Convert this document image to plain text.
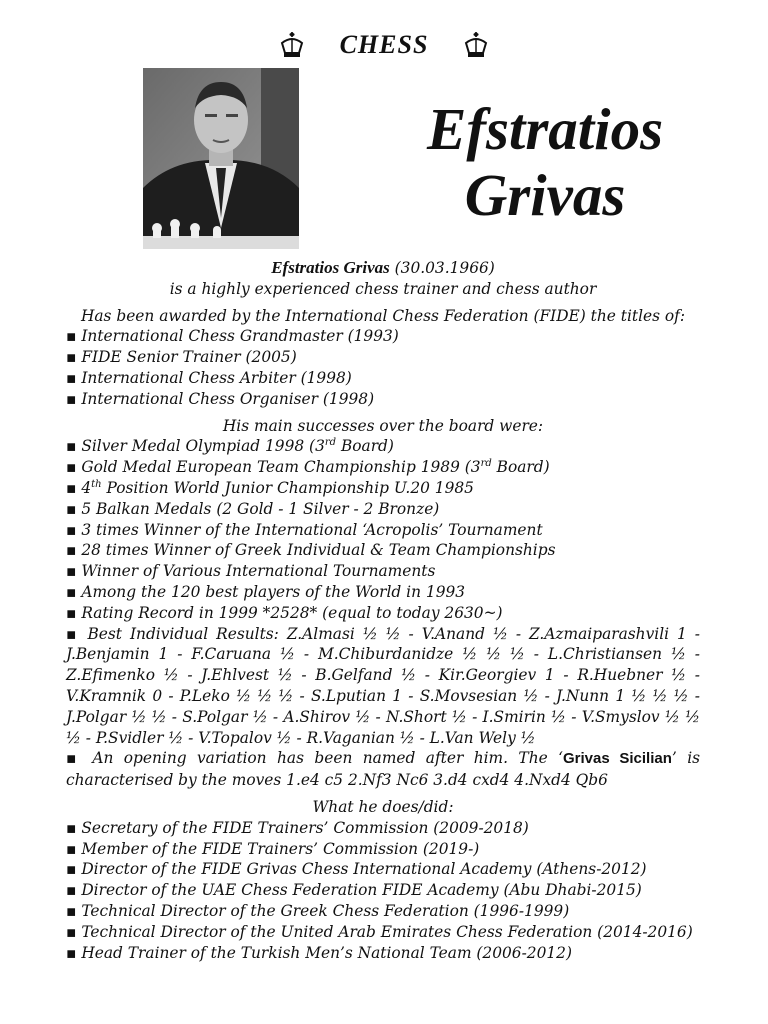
CHESS
Efstratios
Grivas
Efstratios Grivas (30.03.1966)
is a highly experienced chess trainer and chess author
Has been awarded by the International Chess Federation (FIDE) the titles of:
▪ International Chess Grandmaster (1993)
▪ FIDE Senior Trainer (2005)
▪ International Chess Arbiter (1998)
▪ International Chess Organiser (1998)
His main successes over the board were:
▪ Silver Medal Olympiad 1998 (3rd Board)
▪ Gold Medal European Team Championship 1989 (3rd Board)
▪ 4th Position World Junior Championship U.20 1985
▪ 5 Balkan Medals (2 Gold - 1 Silver - 2 Bronze)
▪ 3 times Winner of the International ‘Acropolis’ Tournament
▪ 28 times Winner of Greek Individual & Team Championships
▪ Winner of Various International Tournaments
▪ Among the 120 best players of the World in 1993
▪ Rating Record in 1999 *2528* (equal to today 2630~)
▪ Best Individual Results: Z.Almasi ½ ½ - V.Anand ½ - Z.Azmaiparashvili 1 - J.Benjamin 1 - F.Caruana ½ - M.Chiburdanidze ½ ½ ½ - L.Christiansen ½ - Z.Efimenko ½ - J.Ehlvest ½ - B.Gelfand ½ - Kir.Georgiev 1 - R.Huebner ½ - V.Kramnik 0 - P.Leko ½ ½ ½ - S.Lputian 1 - S.Movsesian ½ - J.Nunn 1 ½ ½ ½ - J.Polgar ½ ½ - S.Polgar ½ - A.Shirov ½ - N.Short ½ - I.Smirin ½ - V.Smyslov ½ ½ ½ - P.Svidler ½ - V.Topalov ½ - R.Vaganian ½ - L.Van Wely ½
▪ An opening variation has been named after him. The ‘Grivas Sicilian’ is characterised by the moves 1.e4 c5 2.Nf3 Nc6 3.d4 cxd4 4.Nxd4 Qb6
What he does/did:
▪ Secretary of the FIDE Trainers’ Commission (2009-2018)
▪ Member of the FIDE Trainers’ Commission (2019-)
▪ Director of the FIDE Grivas Chess International Academy (Athens-2012)
▪ Director of the UAE Chess Federation FIDE Academy (Abu Dhabi-2015)
▪ Technical Director of the Greek Chess Federation (1996-1999)
▪ Technical Director of the United Arab Emirates Chess Federation (2014-2016)
▪ Head Trainer of the Turkish Men’s National Team (2006-2012)
